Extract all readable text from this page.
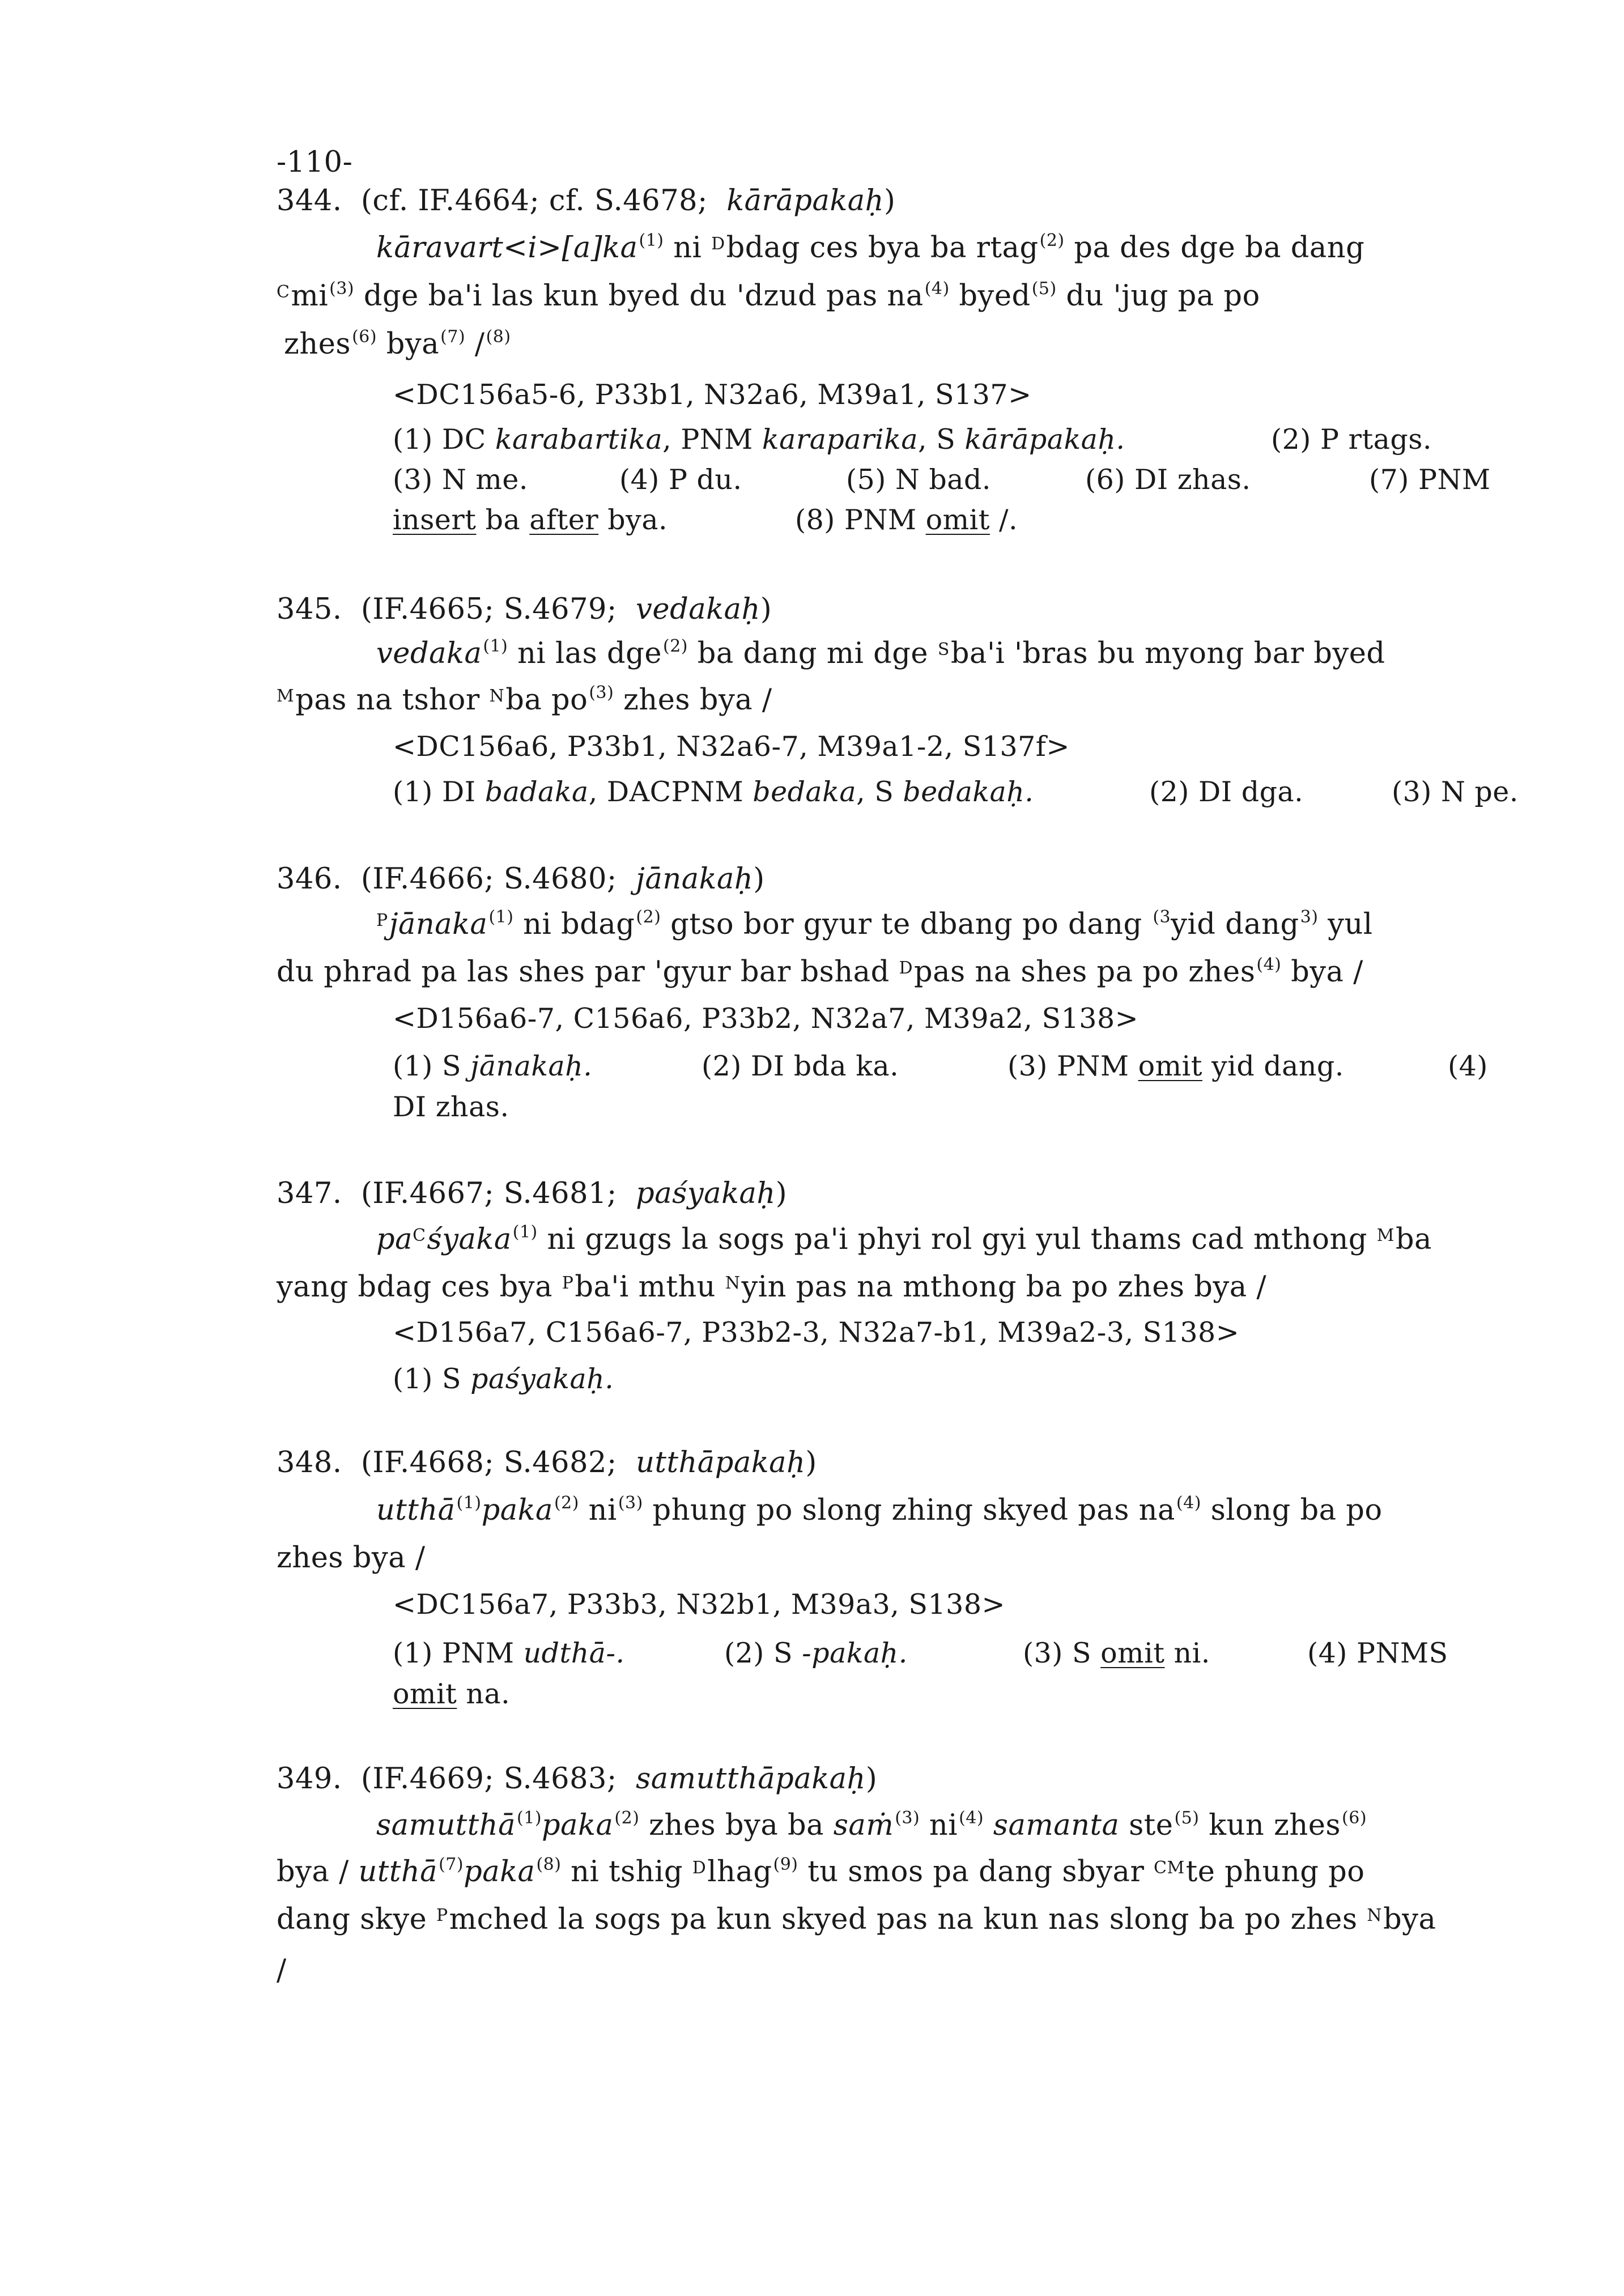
-110-
344. (cf. IF.4664; cf. S.4678; kārāpakaḥ)
$kāravart<i>[a]ka^{(1)}$ ni $^D$bdag ces bya ba rtag$^{(2)}$ pa des dge ba dang
$^Cmi^{(3)}$ dge ba'i las kun byed du 'dzud pas $na^{(4)}$ byed$^{(5)}$ du 'jug pa po
zhes$^{(6)}$ bya$^{(7)}$ /$^{(8)}$
<DC156a5-6, P33b1, N32a6, M39a1, S137>
(1) DC karabartika, PNM karaparika, S kārāpakaḥ.	(2) P rtags.
(3) N me.	(4) P du.	(5) N bad.	(6) DI zhas.	(7) PNM
insert ba after bya.	(8) PNM omit /.
345. (IF.4665; S.4679; vedakaḥ)
vedaka$^{(1)}$ ni las dge$^{(2)}$ ba dang mi dge $^S$ba'i 'bras bu myong bar byed
$^M$pas na tshor $^N$ba $po^{(3)}$ zhes bya /
<DC156a6, P33b1, N32a6-7, M39a1-2, S137f>
(1) DI badaka, DACPNM bedaka, S bedakaḥ.	(2) DI dga.	(3) N pe.
346. (IF.4666; S.4680; jānakaḥ)
$^P$jānaka$^{(1)}$ ni bdag$^{(2)}$ gtso bor gyur te dbang po dang $^{(3}$yid dang$^{3)}$ yul
du phrad pa las shes par 'gyur bar bshad $^D$pas na shes pa po zhes$^{(4)}$ bya /
<D156a6-7, C156a6, P33b2, N32a7, M39a2, S138>
(1) S jānakaḥ.	(2) DI bda ka.	(3) PNM omit yid dang.	(4)
DI zhas.
347. (IF.4667; S.4681; paśyakaḥ)
$pa^Cśyaka^{(1)}$ ni gzugs la sogs pa'i phyi rol gyi yul thams cad mthong $^M$ba
yang bdag ces bya $^P$ba'i mthu $^N$yin pas na mthong ba po zhes bya /
<D156a7, C156a6-7, P33b2-3, N32a7-b1, M39a2-3, S138>
(1) S paśyakaḥ.
348. (IF.4668; S.4682; utthāpakaḥ)
utthā$^{(1)}$paka$^{(2)}$ $ni^{(3)}$ phung po slong zhing skyed pas $na^{(4)}$ slong ba po
zhes bya /
<DC156a7, P33b3, N32b1, M39a3, S138>
(1) PNM udthā-.	(2) S -pakaḥ.	(3) S omit ni.	(4) PNMS
omit na.
349. (IF.4669; S.4683; samutthāpakaḥ)
samutthā$^{(1)}$paka$^{(2)}$ zhes bya ba saṁ$^{(3)}$ $ni^{(4)}$ samanta ste$^{(5)}$ kun zhes$^{(6)}$
bya / utthā$^{(7)}$paka$^{(8)}$ ni tshig $^D$lhag$^{(9)}$ tu smos pa dang sbyar $^{CM}$te phung po
dang skye $^P$mched la sogs pa kun skyed pas na kun nas slong ba po zhes $^N$bya
/
